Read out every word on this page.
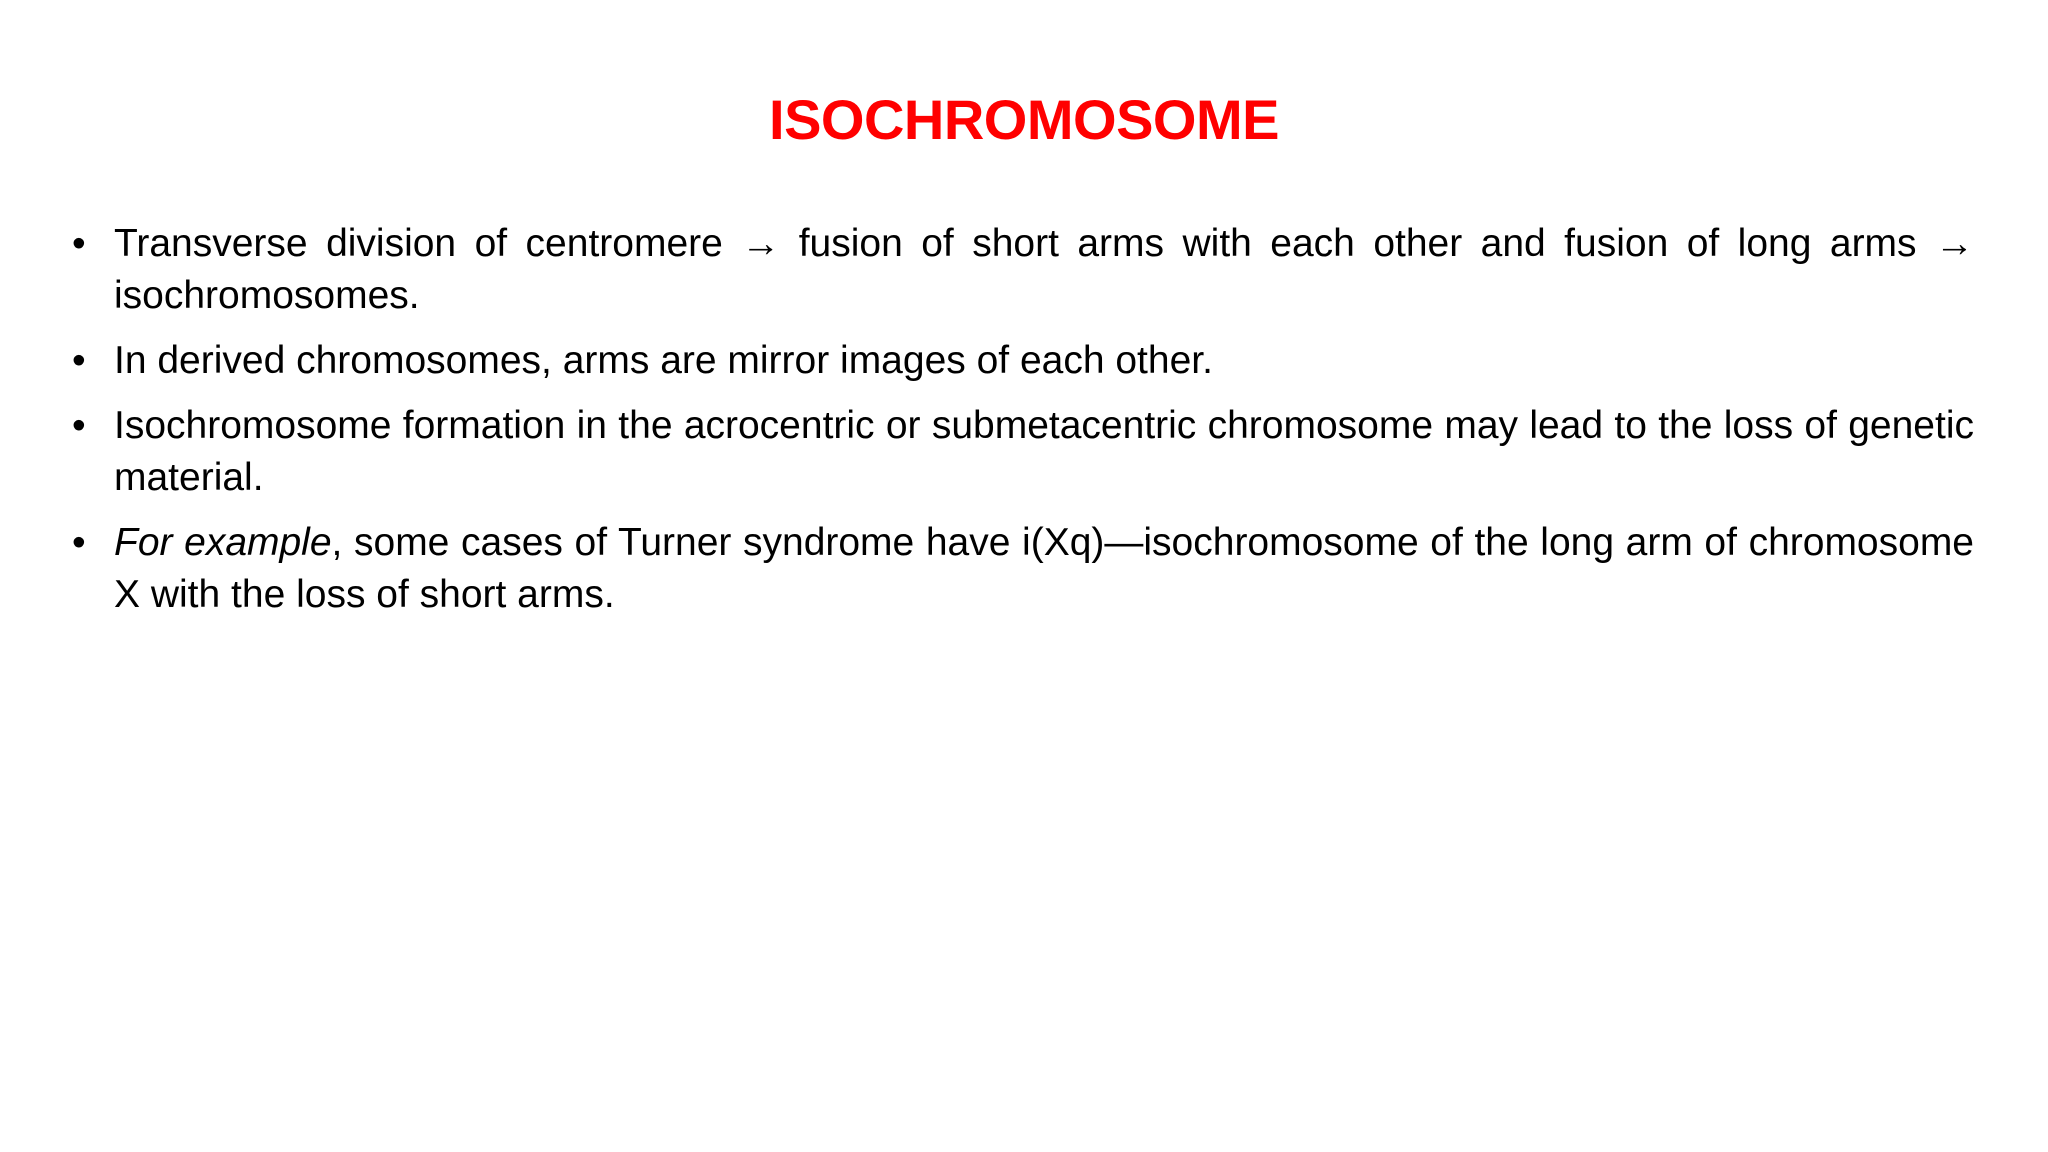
ISOCHROMOSOME
• Transverse division of centromere → fusion of short arms with each other and fusion of long arms → isochromosomes.
• In derived chromosomes, arms are mirror images of each other.
• Isochromosome formation in the acrocentric or submetacentric chromosome may lead to the loss of genetic material.
• For example, some cases of Turner syndrome have i(Xq)—isochromosome of the long arm of chromosome X with the loss of short arms.
